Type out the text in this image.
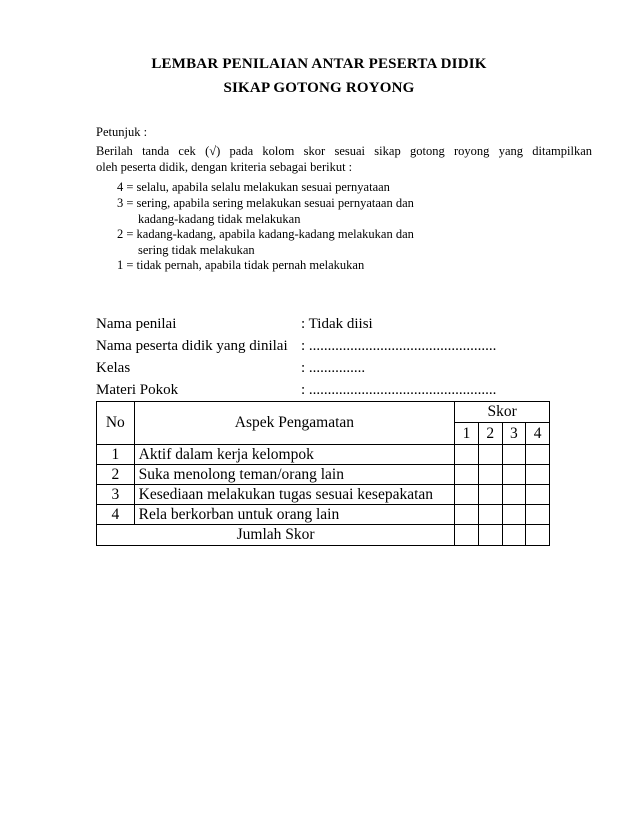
LEMBAR PENILAIAN ANTAR PESERTA DIDIK
SIKAP GOTONG ROYONG
Petunjuk :
Berilah tanda cek (√) pada kolom skor sesuai sikap gotong royong yang ditampilkan
oleh peserta didik, dengan kriteria sebagai berikut :
4 = selalu, apabila selalu melakukan sesuai pernyataan
3 = sering, apabila sering melakukan sesuai pernyataan dan
kadang-kadang tidak melakukan
2 = kadang-kadang, apabila kadang-kadang melakukan dan
sering tidak melakukan
1 = tidak pernah, apabila tidak pernah melakukan
Nama penilai	: Tidak diisi
Nama peserta didik yang dinilai : ..................................................
Kelas	: ...............
Materi Pokok	: ..................................................
No	Aspek Pengamatan	Skor			
		1	2	3	4
1	Aktif dalam kerja kelompok				
2	Suka menolong teman/orang lain				
3	Kesediaan melakukan tugas sesuai kesepakatan				
4	Rela berkorban untuk orang lain				
Jumlah Skor					
